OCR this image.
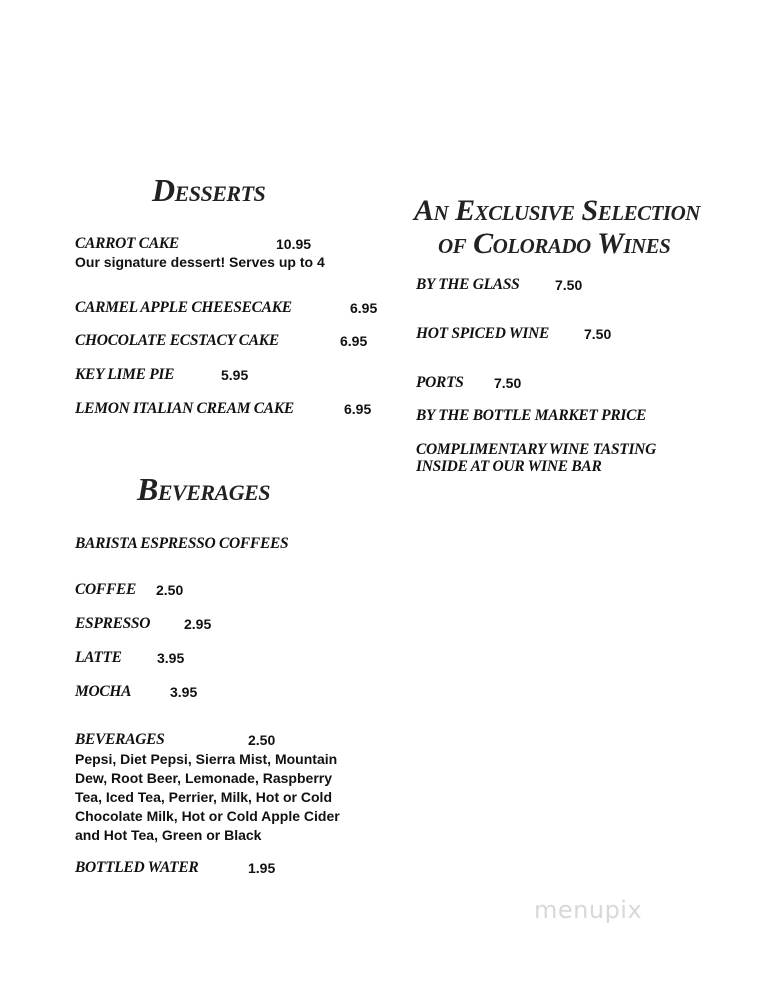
Desserts
CARROT CAKE	10.95
Our signature dessert! Serves up to 4
CARMEL APPLE CHEESECAKE	6.95
CHOCOLATE ECSTACY CAKE	6.95
KEY LIME PIE	5.95
LEMON ITALIAN CREAM CAKE	6.95
Beverages
BARISTA ESPRESSO COFFEES
COFFEE 2.50
ESPRESSO 2.95
LATTE	3.95
MOCHA	3.95
BEVERAGES	2.50
Pepsi, Diet Pepsi, Sierra Mist, Mountain
Dew, Root Beer, Lemonade, Raspberry
Tea, Iced Tea, Perrier, Milk, Hot or Cold
Chocolate Milk, Hot or Cold Apple Cider
and Hot Tea, Green or Black
BOTTLED WATER	1.95
An Exclusive Selection
of Colorado Wines
BY THE GLASS	7.50
HOT SPICED WINE 7.50
PORTS 7.50
BY THE BOTTLE MARKET PRICE
COMPLIMENTARY WINE TASTING
INSIDE AT OUR WINE BAR
menupix
